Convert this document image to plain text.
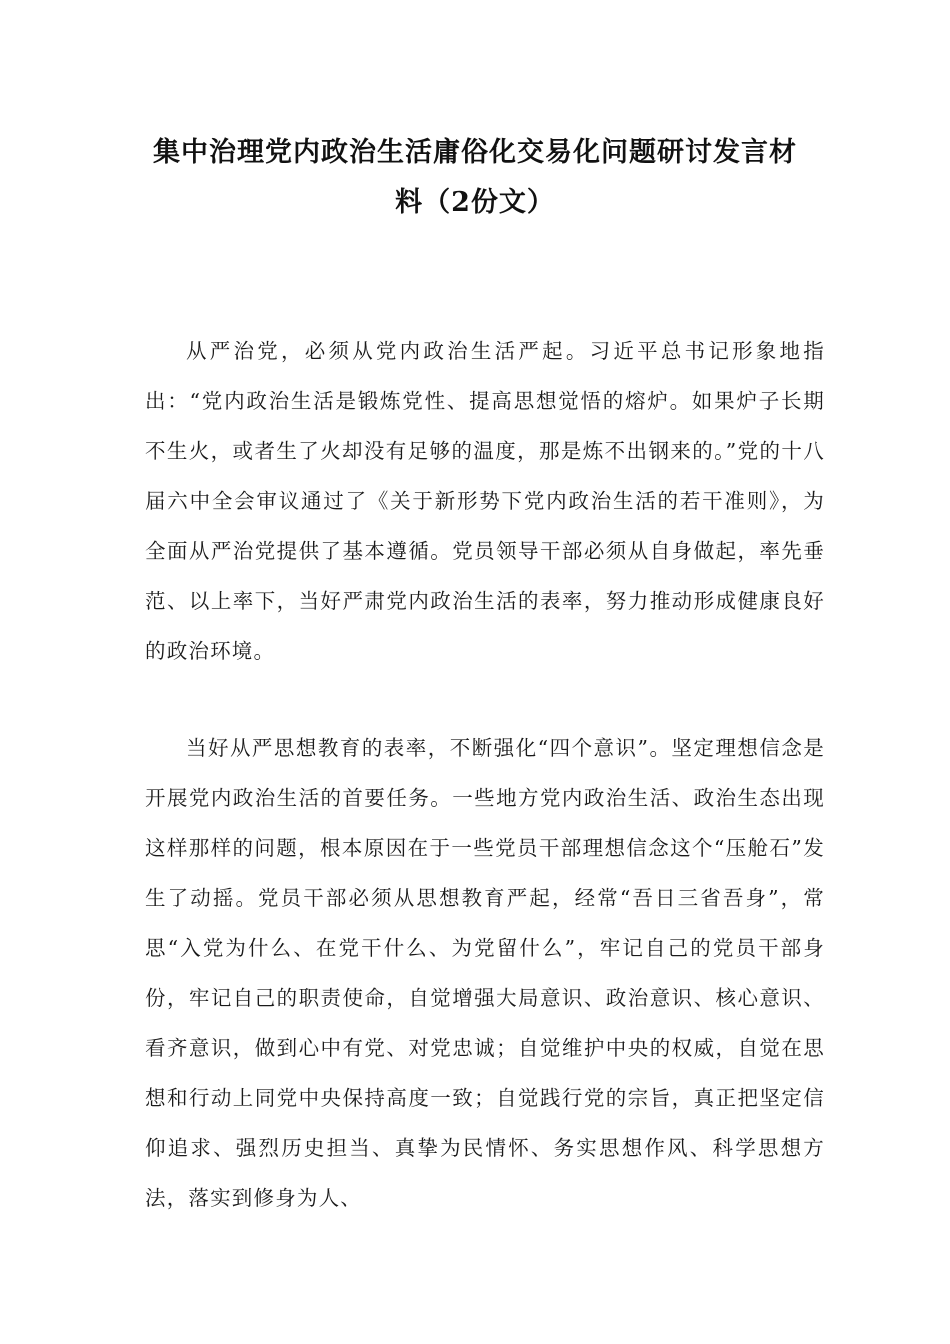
集中治理党内政治生活庸俗化交易化问题研讨发言材
料（2份文）

从严治党，必须从党内政治生活严起。习近平总书记形象地指出：“党内政治生活是锻炼党性、提高思想觉悟的熔炉。如果炉子长期不生火，或者生了火却没有足够的温度，那是炼不出钢来的。”党的十八届六中全会审议通过了《关于新形势下党内政治生活的若干准则》，为全面从严治党提供了基本遵循。党员领导干部必须从自身做起，率先垂范、以上率下，当好严肃党内政治生活的表率，努力推动形成健康良好的政治环境。

当好从严思想教育的表率，不断强化“四个意识”。坚定理想信念是开展党内政治生活的首要任务。一些地方党内政治生活、政治生态出现这样那样的问题，根本原因在于一些党员干部理想信念这个“压舱石”发生了动摇。党员干部必须从思想教育严起，经常“吾日三省吾身”，常思“入党为什么、在党干什么、为党留什么”，牢记自己的党员干部身份，牢记自己的职责使命，自觉增强大局意识、政治意识、核心意识、看齐意识，做到心中有党、对党忠诚；自觉维护中央的权威，自觉在思想和行动上同党中央保持高度一致；自觉践行党的宗旨，真正把坚定信仰追求、强烈历史担当、真挚为民情怀、务实思想作风、科学思想方法，落实到修身为人、
